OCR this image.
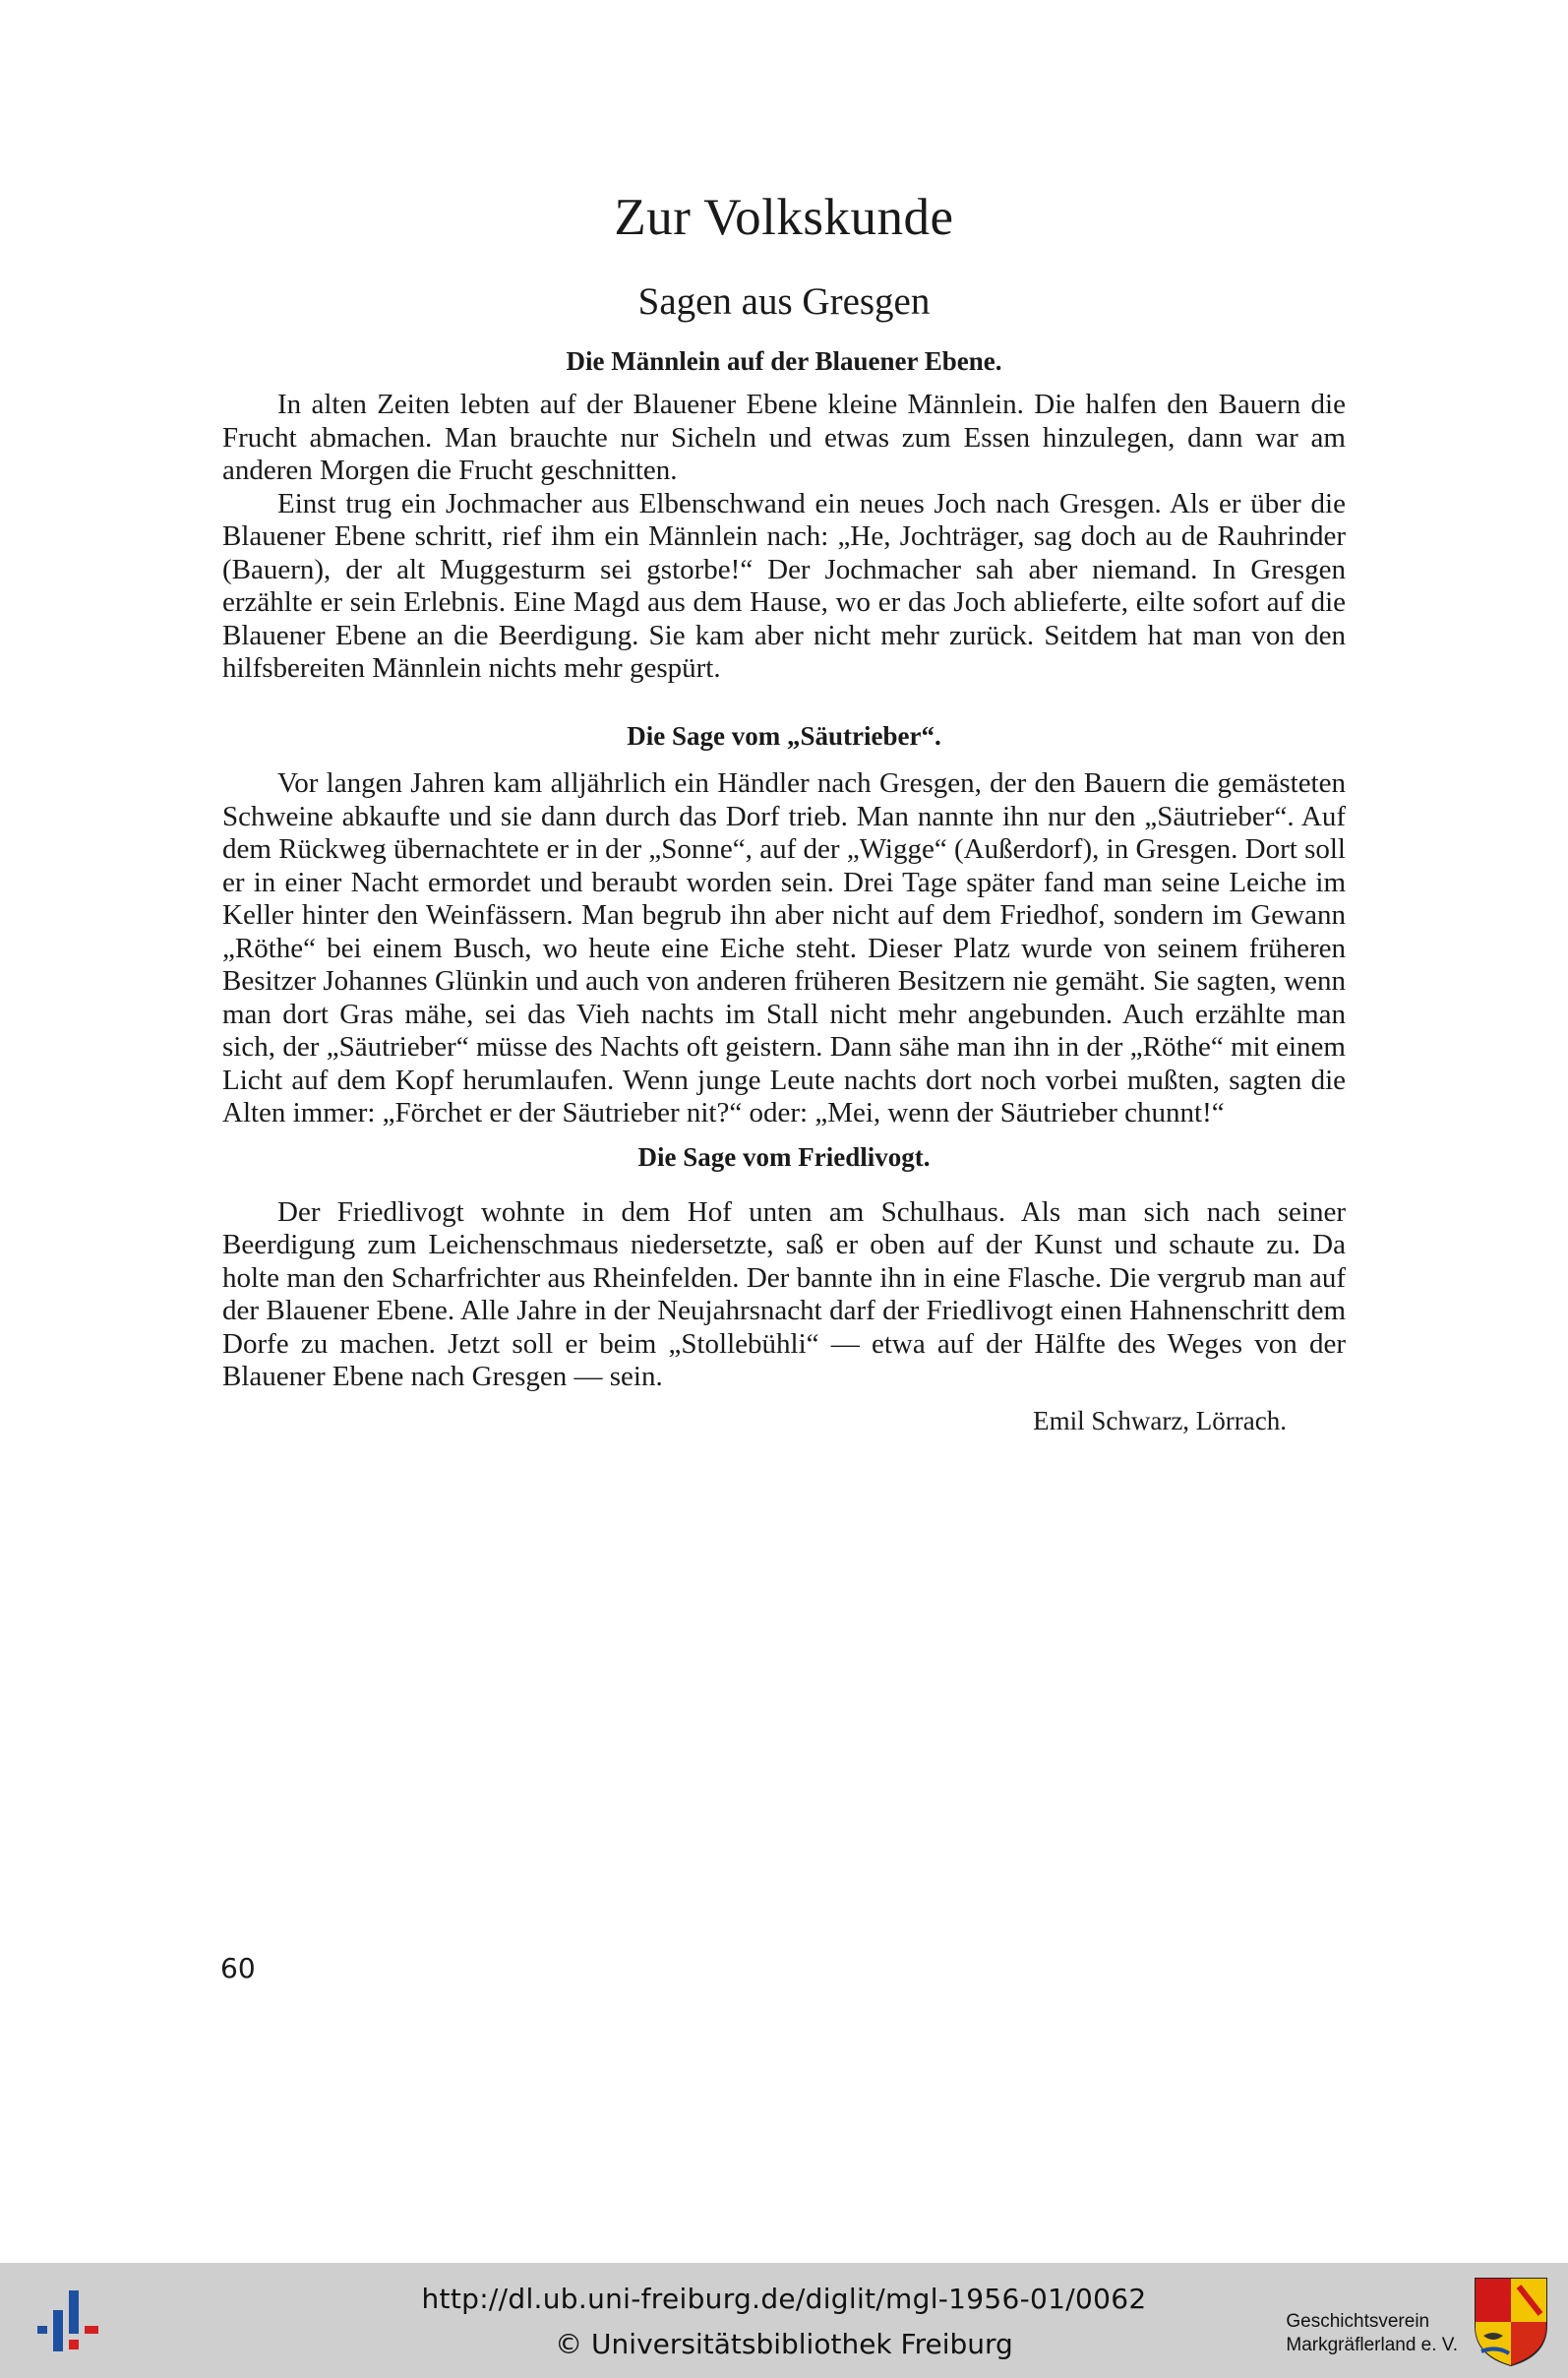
Zur Volkskunde
Sagen aus Gresgen
Die Männlein auf der Blauener Ebene.

In alten Zeiten lebten auf der Blauener Ebene kleine Männlein. Die halfen den Bauern die Frucht abmachen. Man brauchte nur Sicheln und etwas zum Essen hinzulegen, dann war am anderen Morgen die Frucht geschnitten.

Einst trug ein Jochmacher aus Elbenschwand ein neues Joch nach Gresgen. Als er über die Blauener Ebene schritt, rief ihm ein Männlein nach: „He, Jochträger, sag doch au de Rauhrinder (Bauern), der alt Muggesturm sei gstorbe!“ Der Jochmacher sah aber niemand. In Gresgen erzählte er sein Erlebnis. Eine Magd aus dem Hause, wo er das Joch ablieferte, eilte sofort auf die Blauener Ebene an die Beerdigung. Sie kam aber nicht mehr zurück. Seitdem hat man von den hilfsbereiten Männlein nichts mehr gespürt.

Die Sage vom „Säutrieber“.

Vor langen Jahren kam alljährlich ein Händler nach Gresgen, der den Bauern die gemästeten Schweine abkaufte und sie dann durch das Dorf trieb. Man nannte ihn nur den „Säutrieber“. Auf dem Rückweg übernachtete er in der „Sonne“, auf der „Wigge“ (Außerdorf), in Gresgen. Dort soll er in einer Nacht ermordet und beraubt worden sein. Drei Tage später fand man seine Leiche im Keller hinter den Weinfässern. Man begrub ihn aber nicht auf dem Friedhof, sondern im Gewann „Röthe“ bei einem Busch, wo heute eine Eiche steht. Dieser Platz wurde von seinem früheren Besitzer Johannes Glünkin und auch von anderen früheren Besitzern nie gemäht. Sie sagten, wenn man dort Gras mähe, sei das Vieh nachts im Stall nicht mehr angebunden. Auch erzählte man sich, der „Säutrieber“ müsse des Nachts oft geistern. Dann sähe man ihn in der „Röthe“ mit einem Licht auf dem Kopf herumlaufen. Wenn junge Leute nachts dort noch vorbei mußten, sagten die Alten immer: „Förchet er der Säutrieber nit?“ oder: „Mei, wenn der Säutrieber chunnt!“

Die Sage vom Friedlivogt.

Der Friedlivogt wohnte in dem Hof unten am Schulhaus. Als man sich nach seiner Beerdigung zum Leichenschmaus niedersetzte, saß er oben auf der Kunst und schaute zu. Da holte man den Scharfrichter aus Rheinfelden. Der bannte ihn in eine Flasche. Die vergrub man auf der Blauener Ebene. Alle Jahre in der Neujahrsnacht darf der Friedlivogt einen Hahnenschritt dem Dorfe zu machen. Jetzt soll er beim „Stollebühli“ — etwa auf der Hälfte des Weges von der Blauener Ebene nach Gresgen — sein.

Emil Schwarz, Lörrach.
60
http://dl.ub.uni-freiburg.de/diglit/mgl-1956-01/0062
© Universitätsbibliothek Freiburg
Geschichtsverein
Markgräflerland e. V.
